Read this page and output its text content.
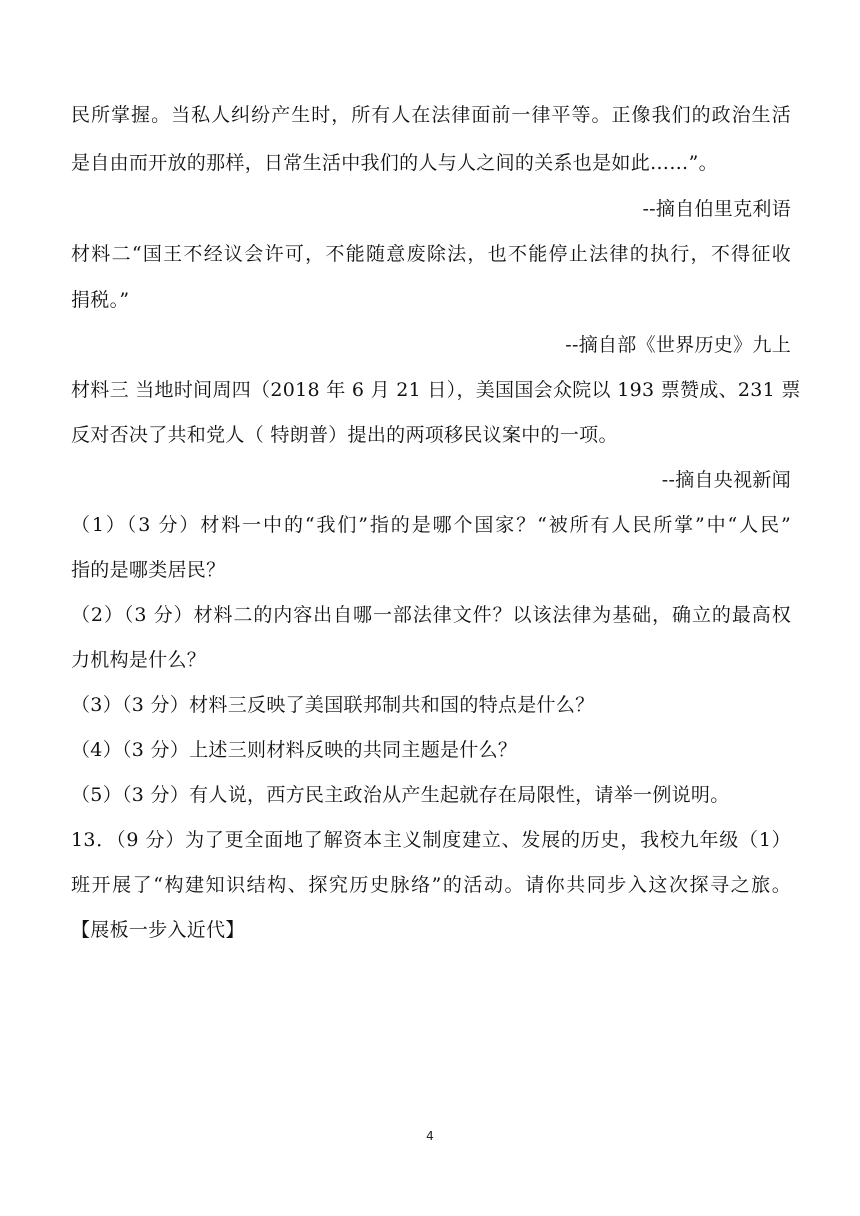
民所掌握。当私人纠纷产生时，所有人在法律面前一律平等。正像我们的政治生活
是自由而开放的那样，日常生活中我们的人与人之间的关系也是如此……”。
--摘自伯里克利语
材料二“国王不经议会许可，不能随意废除法，也不能停止法律的执行，不得征收
捐税。”
--摘自部《世界历史》九上
材料三 当地时间周四（2018 年 6 月 21 日），美国国会众院以 193 票赞成、231 票
反对否决了共和党人（ 特朗普）提出的两项移民议案中的一项。
--摘自央视新闻
（1）（3 分）材料一中的“我们”指的是哪个国家？“被所有人民所掌”中“人民”
指的是哪类居民？
（2）（3 分）材料二的内容出自哪一部法律文件？以该法律为基础，确立的最高权
力机构是什么？
（3）（3 分）材料三反映了美国联邦制共和国的特点是什么？
（4）（3 分）上述三则材料反映的共同主题是什么？
（5）（3 分）有人说，西方民主政治从产生起就存在局限性，请举一例说明。
13．（9 分）为了更全面地了解资本主义制度建立、发展的历史，我校九年级（1）
班开展了“构建知识结构、探究历史脉络”的活动。请你共同步入这次探寻之旅。
【展板一步入近代】
4
